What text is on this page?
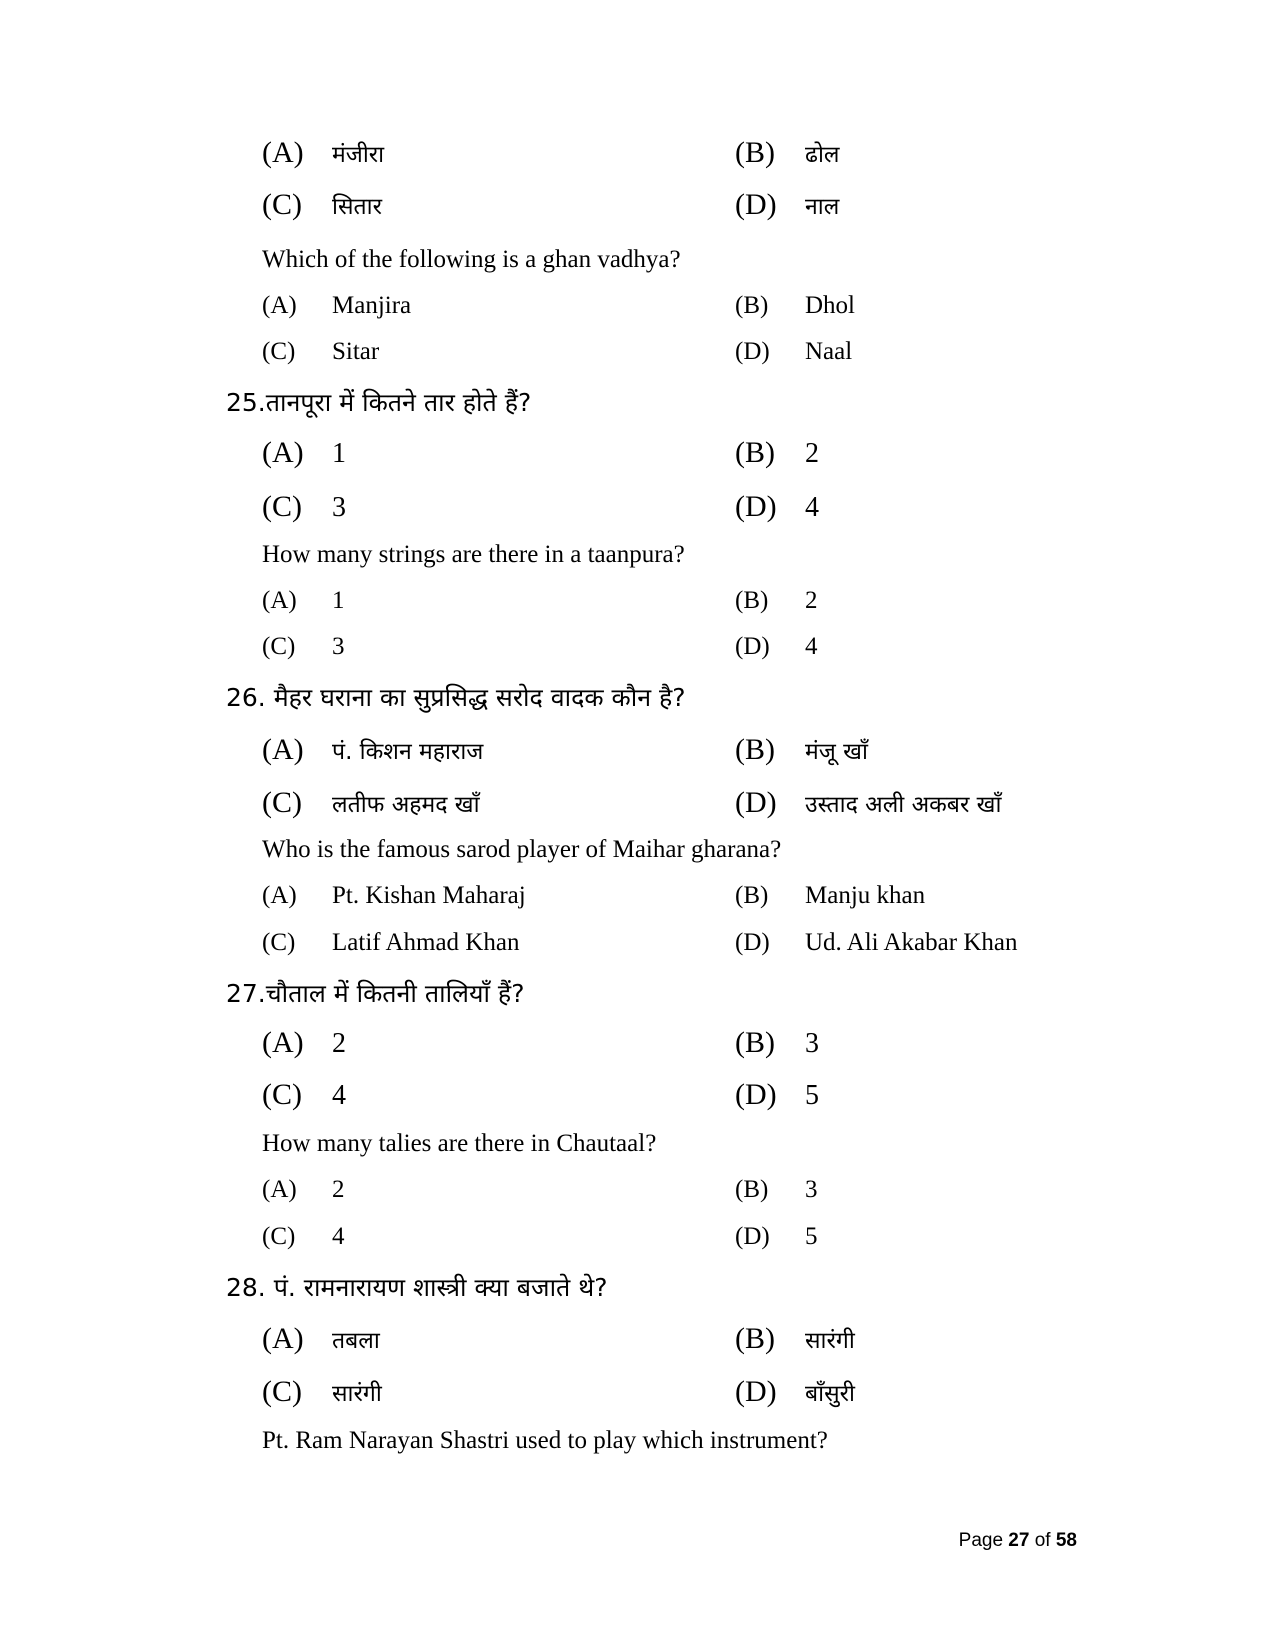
(A) मंजीरा	(B) ढोल
(C) सितार	(D) नाल
Which of the following is a ghan vadhya?
(A) Manjira	(B) Dhol
(C) Sitar	(D) Naal
25.तानपूरा में कितने तार होते हैं?
(A) 1	(B) 2
(C) 3	(D) 4
How many strings are there in a taanpura?
(A) 1	(B) 2
(C) 3	(D) 4
26. मैहर घराना का सुप्रसिद्ध सरोद वादक कौन है?
(A) पं. किशन महाराज	(B) मंजू खाँ
(C) लतीफ अहमद खाँ	(D) उस्ताद अली अकबर खाँ
Who is the famous sarod player of Maihar gharana?
(A) Pt. Kishan Maharaj	(B) Manju khan
(C) Latif Ahmad Khan	(D) Ud. Ali Akabar Khan
27.चौताल में कितनी तालियाँ हैं?
(A) 2	(B) 3
(C) 4	(D) 5
How many talies are there in Chautaal?
(A) 2	(B) 3
(C) 4	(D) 5
28. पं. रामनारायण शास्त्री क्या बजाते थे?
(A) तबला	(B) सारंगी
(C) सारंगी	(D) बाँसुरी
Pt. Ram Narayan Shastri used to play which instrument?
Page 27 of 58
